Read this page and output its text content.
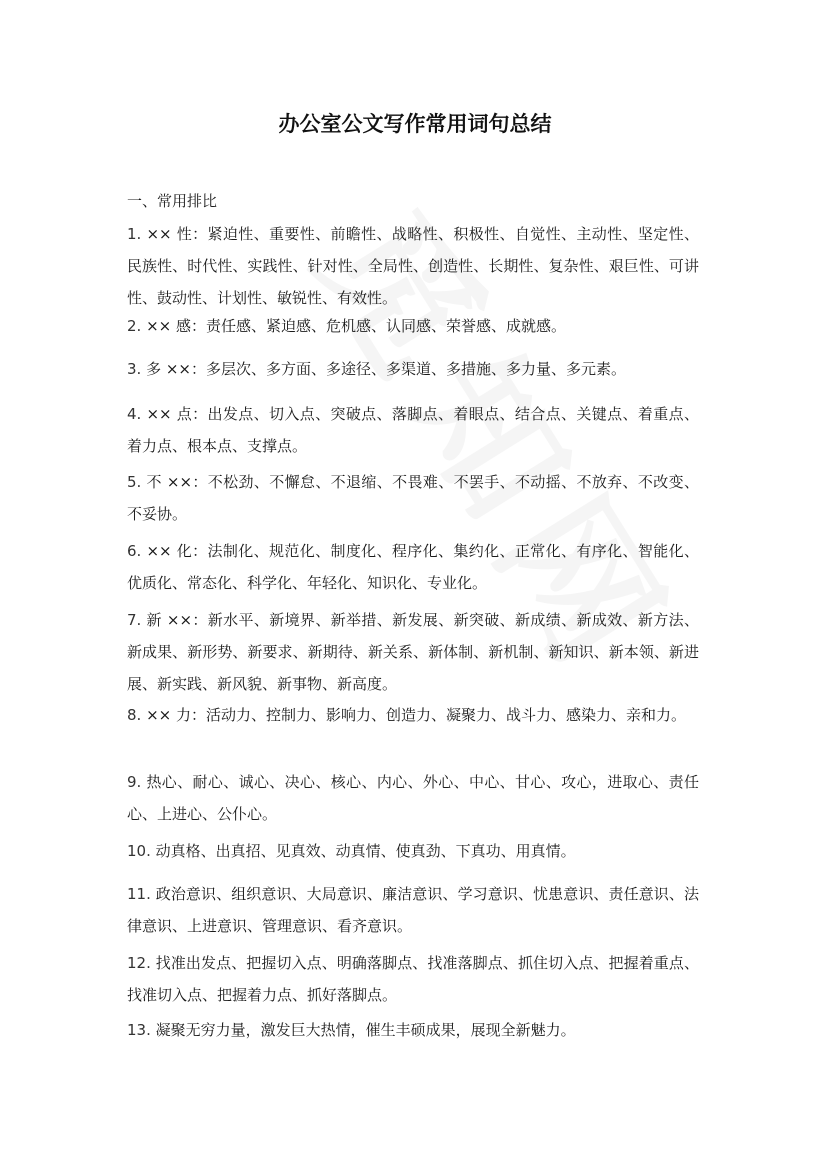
办公室公文写作常用词句总结
一、常用排比
1. ×× 性：紧迫性、重要性、前瞻性、战略性、积极性、自觉性、主动性、坚定性、民族性、时代性、实践性、针对性、全局性、创造性、长期性、复杂性、艰巨性、可讲性、鼓动性、计划性、敏锐性、有效性。
2. ×× 感：责任感、紧迫感、危机感、认同感、荣誉感、成就感。
3. 多 ××：多层次、多方面、多途径、多渠道、多措施、多力量、多元素。
4. ×× 点：出发点、切入点、突破点、落脚点、着眼点、结合点、关键点、着重点、着力点、根本点、支撑点。
5. 不 ××：不松劲、不懈怠、不退缩、不畏难、不罢手、不动摇、不放弃、不改变、不妥协。
6. ×× 化：法制化、规范化、制度化、程序化、集约化、正常化、有序化、智能化、优质化、常态化、科学化、年轻化、知识化、专业化。
7. 新 ××：新水平、新境界、新举措、新发展、新突破、新成绩、新成效、新方法、新成果、新形势、新要求、新期待、新关系、新体制、新机制、新知识、新本领、新进展、新实践、新风貌、新事物、新高度。
8. ×× 力：活动力、控制力、影响力、创造力、凝聚力、战斗力、感染力、亲和力。
9. 热心、耐心、诚心、决心、核心、内心、外心、中心、甘心、攻心，进取心、责任心、上进心、公仆心。
10. 动真格、出真招、见真效、动真情、使真劲、下真功、用真情。
11. 政治意识、组织意识、大局意识、廉洁意识、学习意识、忧患意识、责任意识、法律意识、上进意识、管理意识、看齐意识。
12. 找准出发点、把握切入点、明确落脚点、找准落脚点、抓住切入点、把握着重点、找准切入点、把握着力点、抓好落脚点。
13. 凝聚无穷力量，激发巨大热情，催生丰硕成果，展现全新魅力。
